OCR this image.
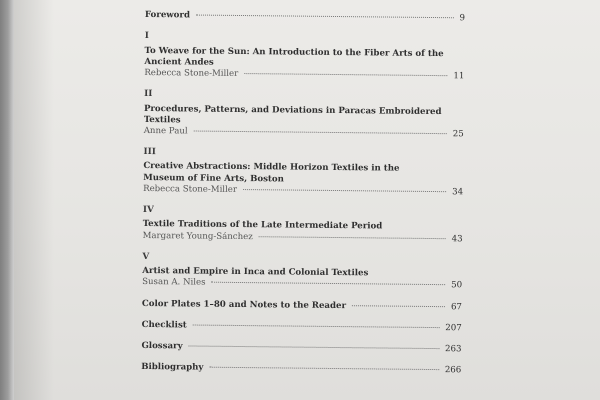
Foreword	9
I
To Weave for the Sun: An Introduction to the Fiber Arts of the
Ancient Andes
Rebecca Stone-Miller	11
II
Procedures, Patterns, and Deviations in Paracas Embroidered Textiles
Anne Paul	25
III
Creative Abstractions: Middle Horizon Textiles in the
Museum of Fine Arts, Boston
Rebecca Stone-Miller	34
IV
Textile Traditions of the Late Intermediate Period
Margaret Young-Sánchez	43
V
Artist and Empire in Inca and Colonial Textiles
Susan A. Niles	50
Color Plates 1–80 and Notes to the Reader	67
Checklist	207
Glossary	263
Bibliography	266
